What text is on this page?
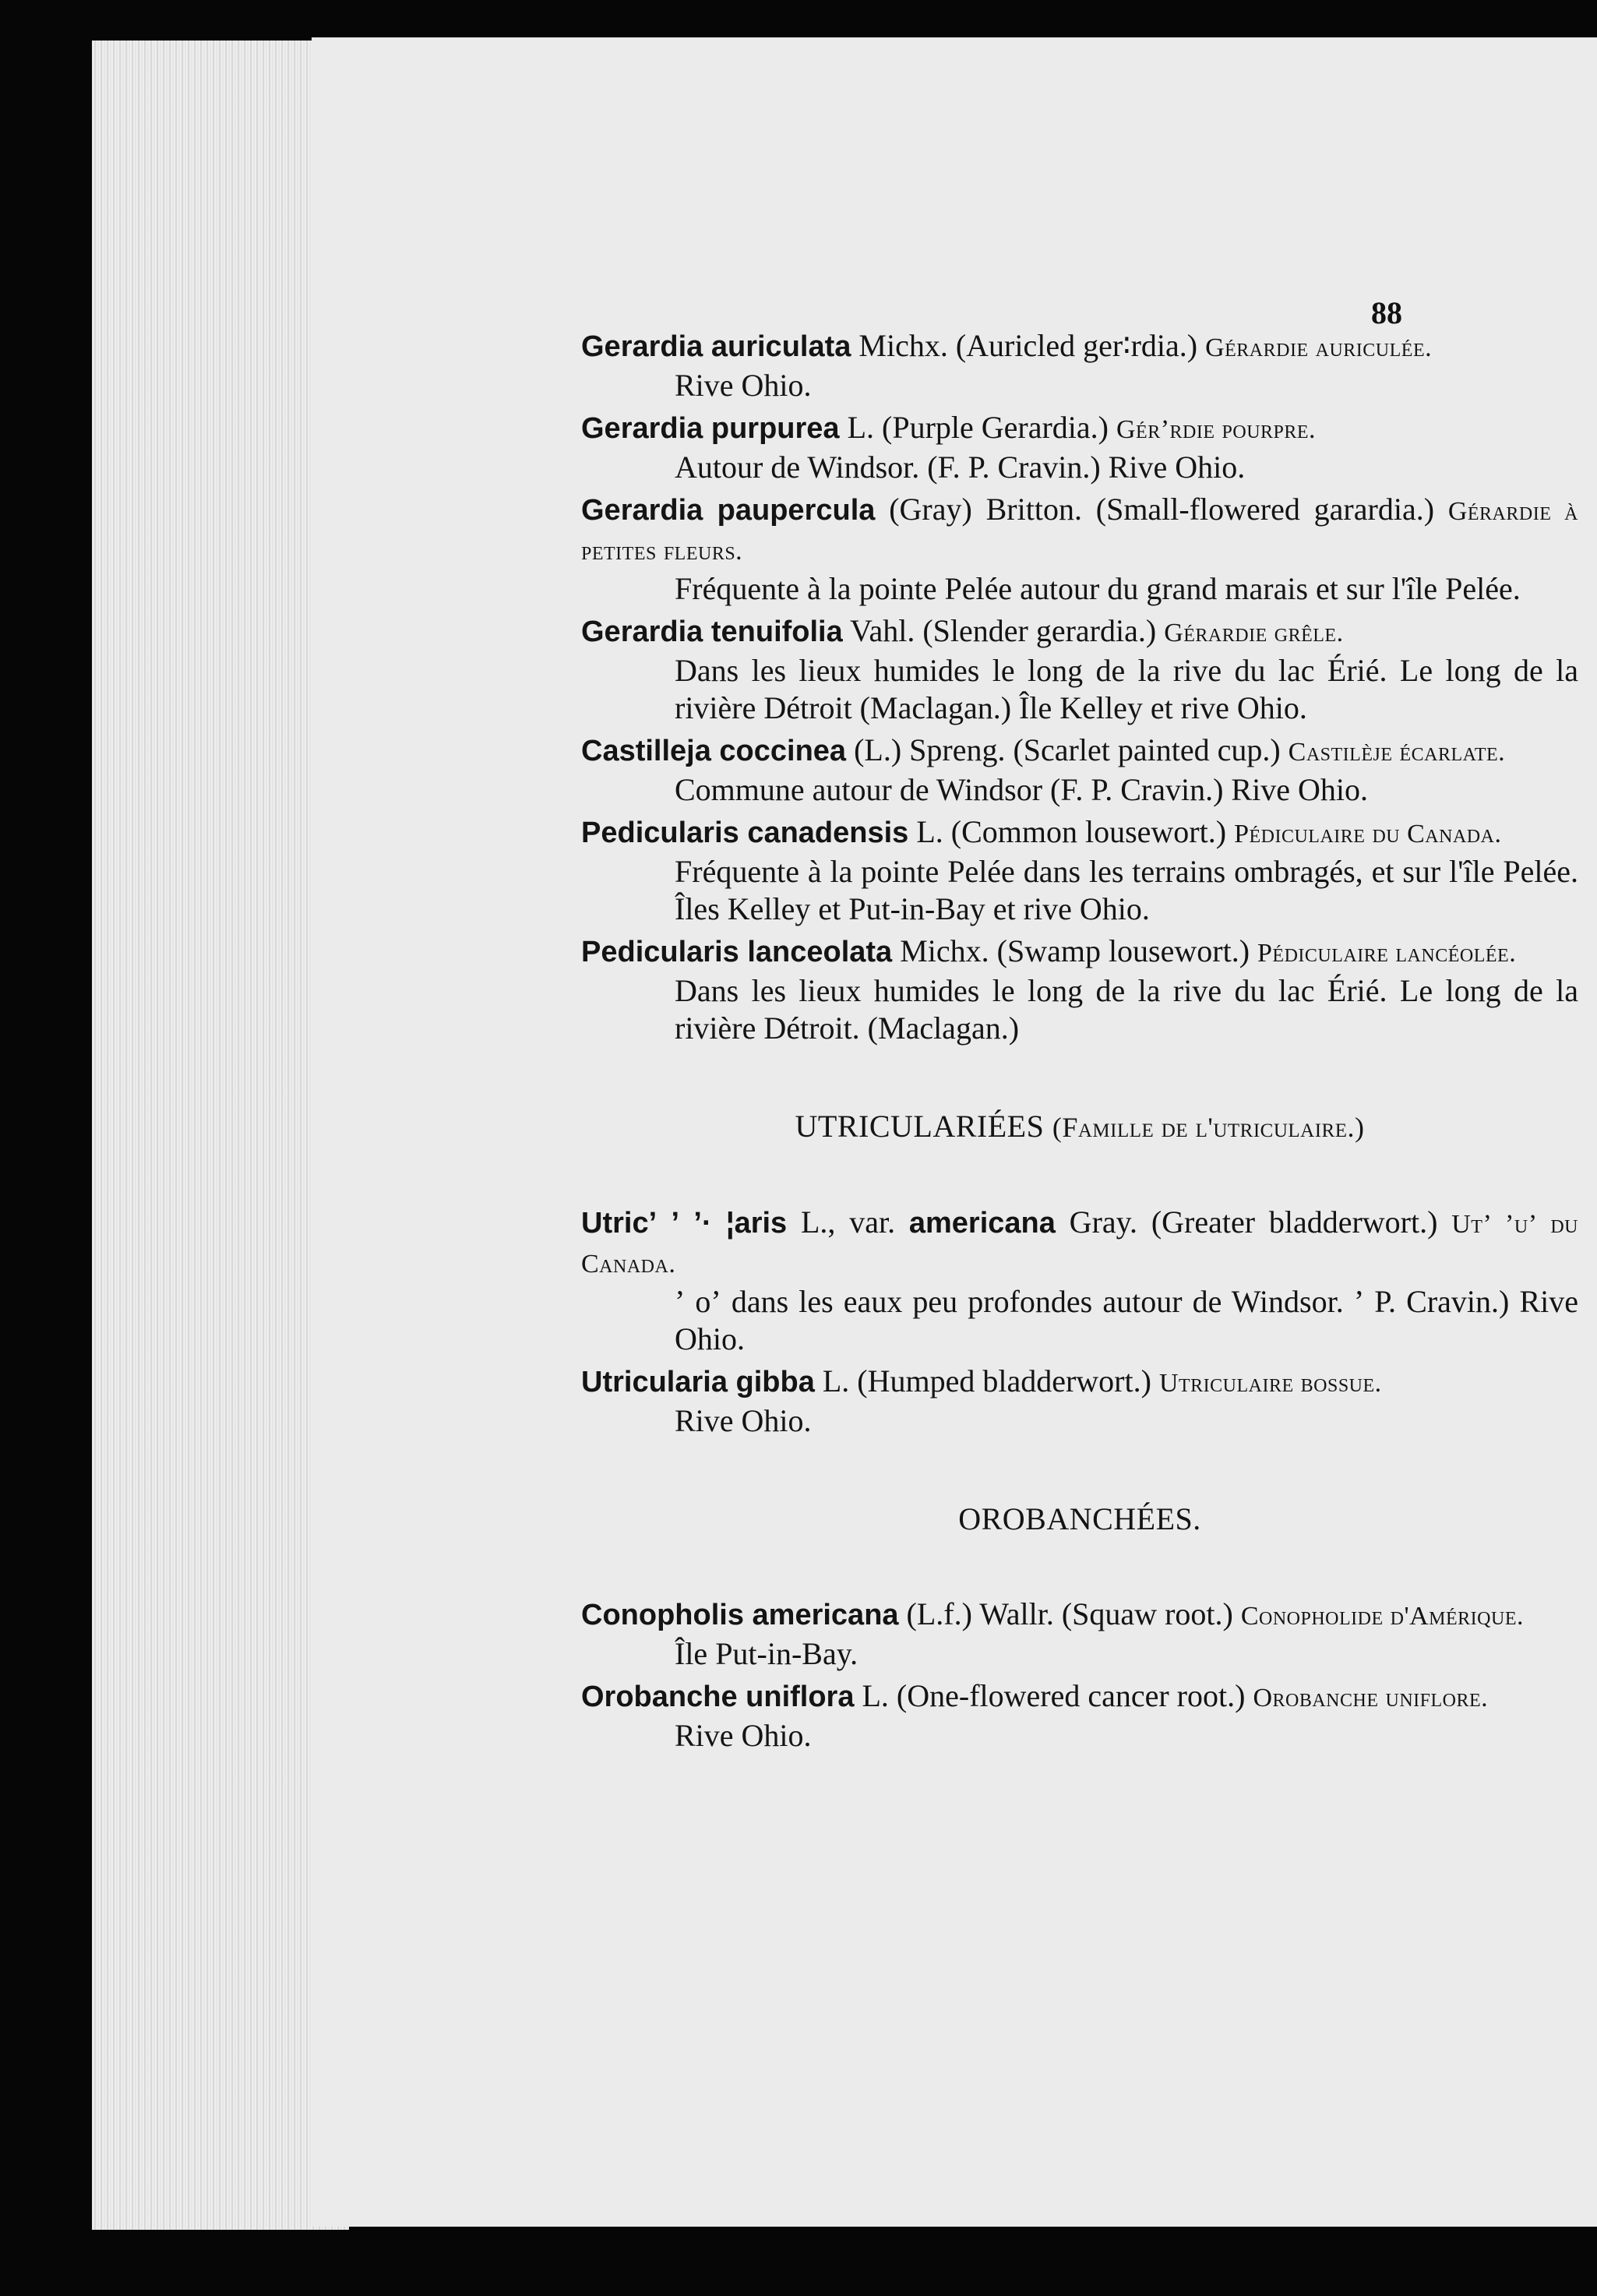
88
Gerardia auriculata Michx. (Auricled ger∶rdia.) Gérardie auriculée.
Rive Ohio.
Gerardia purpurea L. (Purple Gerardia.) Gérʼrdie pourpre.
Autour de Windsor. (F. P. Cravin.) Rive Ohio.
Gerardia paupercula (Gray) Britton. (Small-flowered garardia.) Gérardie à petites fleurs.
Fréquente à la pointe Pelée autour du grand marais et sur l'île Pelée.
Gerardia tenuifolia Vahl. (Slender gerardia.) Gérardie grêle.
Dans les lieux humides le long de la rive du lac Érié. Le long de la rivière Détroit (Maclagan.) Île Kelley et rive Ohio.
Castilleja coccinea (L.) Spreng. (Scarlet painted cup.) Castilèje écarlate.
Commune autour de Windsor (F. P. Cravin.) Rive Ohio.
Pedicularis canadensis L. (Common lousewort.) Pédiculaire du Canada.
Fréquente à la pointe Pelée dans les terrains ombragés, et sur l'île Pelée. Îles Kelley et Put-in-Bay et rive Ohio.
Pedicularis lanceolata Michx. (Swamp lousewort.) Pédiculaire lancéolée.
Dans les lieux humides le long de la rive du lac Érié. Le long de la rivière Détroit. (Maclagan.)
UTRICULARIÉES (Famille de l'utriculaire.)
Utricʼ ʼ ʼ· ¦aris L., var. americana Gray. (Greater bladderwort.) Utʼ ʼuʼ du Canada.
ʼ oʼ dans les eaux peu profondes autour de Windsor. ʼ P. Cravin.) Rive Ohio.
Utricularia gibba L. (Humped bladderwort.) Utriculaire bossue.
Rive Ohio.
OROBANCHÉES.
Conopholis americana (L.f.) Wallr. (Squaw root.) Conopholide d'Amérique.
Île Put-in-Bay.
Orobanche uniflora L. (One-flowered cancer root.) Orobanche uniflore.
Rive Ohio.
